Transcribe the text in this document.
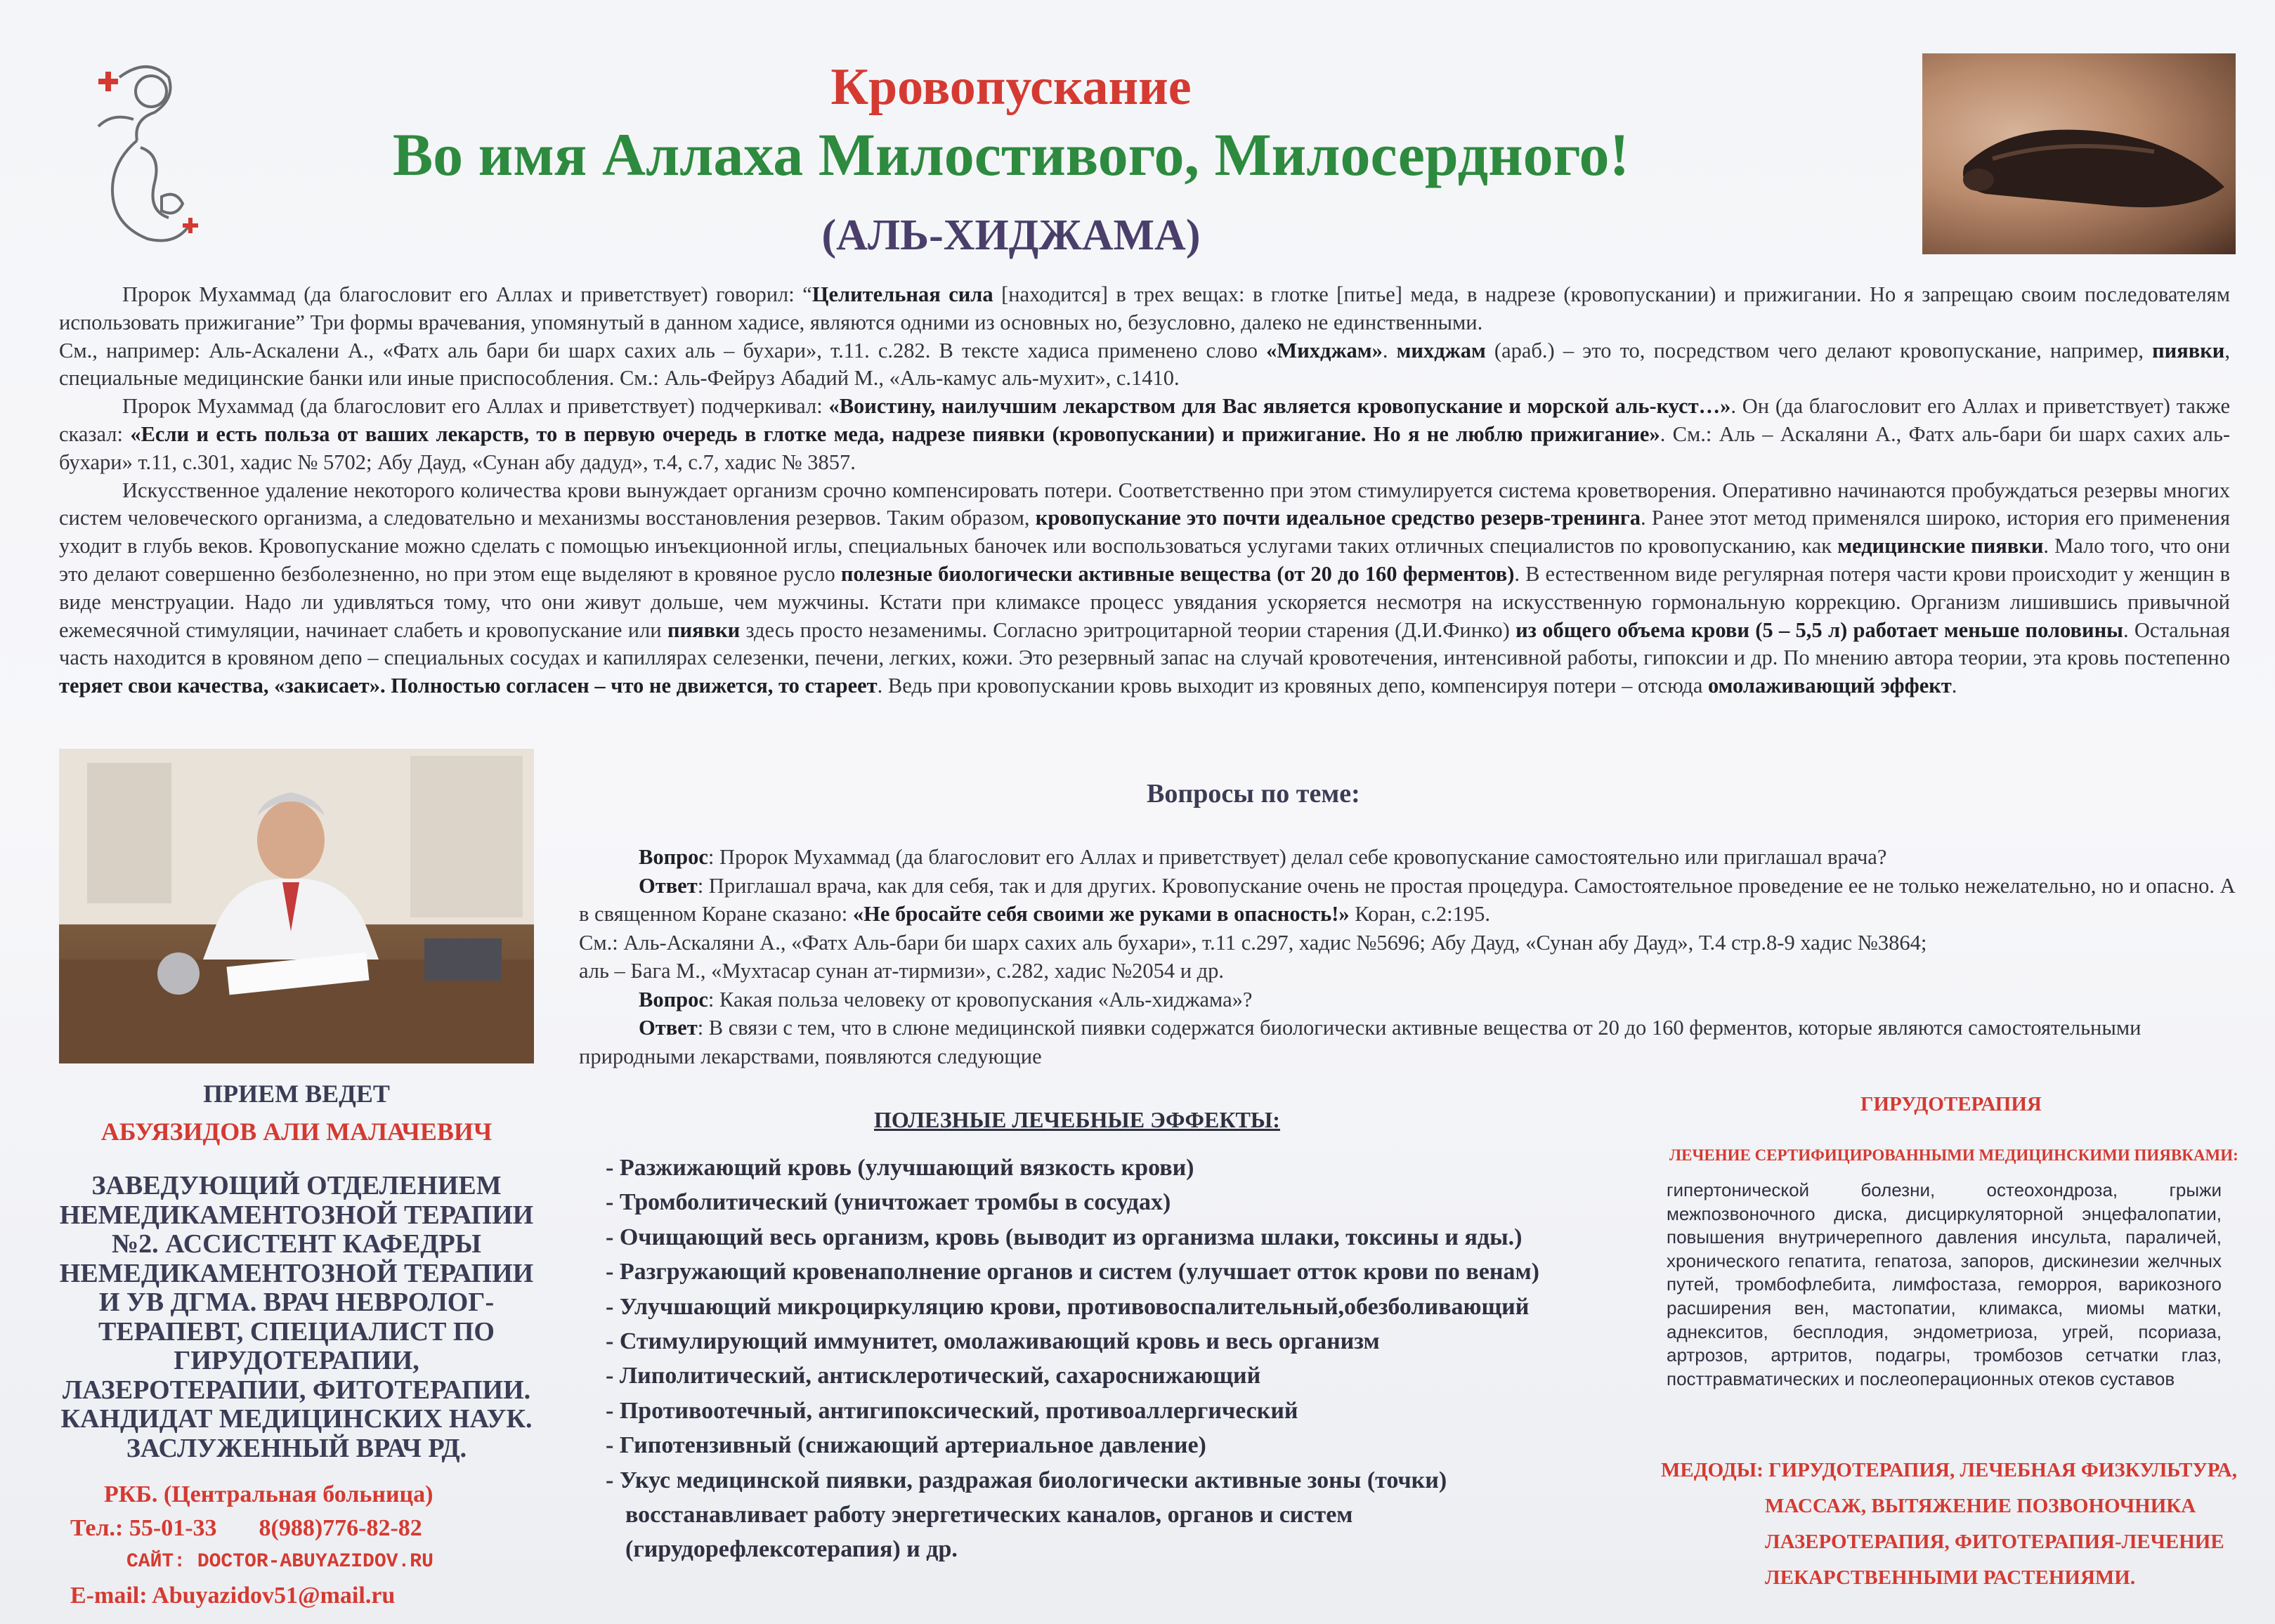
Кровопускание
Во имя Аллаха Милостивого, Милосердного!
(АЛЬ-ХИДЖАМА)

Пророк Мухаммад (да благословит его Аллах и приветствует) говорил: “Целительная сила [находится] в трех вещах: в глотке [питье] меда, в надрезе (кровопускании) и прижигании. Но я запрещаю своим последователям использовать прижигание” Три формы врачевания, упомянутый в данном хадисе, являются одними из основных но, безусловно, далеко не единственными.

См., например: Аль-Аскалени А., «Фатх аль бари би шарх сахих аль – бухари», т.11. с.282. В тексте хадиса применено слово «Михджам». миxджам (араб.) – это то, посредством чего делают кровопускание, например, пиявки, специальные медицинские банки или иные приспособления. См.: Аль-Фейруз Абадий М., «Аль-камус аль-мухит», с.1410.

Пророк Мухаммад (да благословит его Аллах и приветствует) подчеркивал: «Воистину, наилучшим лекарством для Вас является кровопускание и морской аль-куст…». Он (да благословит его Аллах и приветствует) также сказал: «Если и есть польза от ваших лекарств, то в первую очередь в глотке меда, надрезе пиявки (кровопускании) и прижигание. Но я не люблю прижигание». См.: Аль – Аскаляни А., Фатх аль-бари би шарх сахих аль-бухари» т.11, с.301, хадис № 5702; Абу Дауд, «Сунан абу дадуд», т.4, с.7, хадис № 3857.

Искусственное удаление некоторого количества крови вынуждает организм срочно компенсировать потери. Соответственно при этом стимулируется система кроветворения. Оперативно начинаются пробуждаться резервы многих систем человеческого организма, а следовательно и механизмы восстановления резервов. Таким образом, кровопускание это почти идеальное средство резерв-тренинга. Ранее этот метод применялся широко, история его применения уходит в глубь веков. Кровопускание можно сделать с помощью инъекционной иглы, специальных баночек или воспользоваться услугами таких отличных специалистов по кровопусканию, как медицинские пиявки. Мало того, что они это делают совершенно безболезненно, но при этом еще выделяют в кровяное русло полезные биологически активные вещества (от 20 до 160 ферментов). В естественном виде регулярная потеря части крови происходит у женщин в виде менструации. Надо ли удивляться тому, что они живут дольше, чем мужчины. Кстати при климаксе процесс увядания ускоряется несмотря на искусственную гормональную коррекцию. Организм лишившись привычной ежемесячной стимуляции, начинает слабеть и кровопускание или пиявки здесь просто незаменимы. Согласно эритроцитарной теории старения (Д.И.Финко) из общего объема крови (5 – 5,5 л) работает меньше половины. Остальная часть находится в кровяном депо – специальных сосудах и капиллярах селезенки, печени, легких, кожи. Это резервный запас на случай кровотечения, интенсивной работы, гипоксии и др. По мнению автора теории, эта кровь постепенно теряет свои качества, «закисает». Полностью согласен – что не движется, то стареет. Ведь при кровопускании кровь выходит из кровяных депо, компенсируя потери – отсюда омолаживающий эффект.

ПРИЕМ ВЕДЕТ
АБУЯЗИДОВ АЛИ МАЛАЧЕВИЧ
ЗАВЕДУЮЩИЙ ОТДЕЛЕНИЕМ НЕМЕДИКАМЕНТОЗНОЙ ТЕРАПИИ №2. АССИСТЕНТ КАФЕДРЫ НЕМЕДИКАМЕНТОЗНОЙ ТЕРАПИИ И УВ ДГМА. ВРАЧ НЕВРОЛОГ-ТЕРАПЕВТ, СПЕЦИАЛИСТ ПО ГИРУДОТЕРАПИИ, ЛАЗЕРОТЕРАПИИ, ФИТОТЕРАПИИ. КАНДИДАТ МЕДИЦИНСКИХ НАУК.
ЗАСЛУЖЕННЫЙ ВРАЧ РД.
РКБ. (Центральная больница)
Тел.: 55-01-33 8(988)776-82-82
САЙТ: DOCTOR-ABUYAZIDOV.RU
E-mail: Abuyazidov51@mail.ru
Вопросы по теме:

Вопрос: Пророк Мухаммад (да благословит его Аллах и приветствует) делал себе кровопускание самостоятельно или приглашал врача?

Ответ: Приглашал врача, как для себя, так и для других. Кровопускание очень не простая процедура. Самостоятельное проведение ее не только нежелательно, но и опасно. А в священном Коране сказано: «Не бросайте себя своими же руками в опасность!» Коран, с.2:195.

См.: Аль-Аскаляни А., «Фатх Аль-бари би шарх сахих аль бухари», т.11 с.297, хадис №5696; Абу Дауд, «Сунан абу Дауд», Т.4 стр.8-9 хадис №3864;

аль – Бага М., «Мухтасар сунан ат-тирмизи», с.282, хадис №2054 и др.

Вопрос: Какая польза человеку от кровопускания «Аль-хиджама»?

Ответ: В связи с тем, что в слюне медицинской пиявки содержатся биологически активные вещества от 20 до 160 ферментов, которые являются самостоятельными природными лекарствами, появляются следующие

ПОЛЕЗНЫЕ ЛЕЧЕБНЫЕ ЭФФЕКТЫ:
- Разжижающий кровь (улучшающий вязкость крови)
- Тромболитический (уничтожает тромбы в сосудах)
- Очищающий весь организм, кровь (выводит из организма шлаки, токсины и яды.)
- Разгружающий кровенаполнение органов и систем (улучшает отток крови по венам)
- Улучшающий микроциркуляцию крови, противовоспалительный,обезболивающий
- Стимулирующий иммунитет, омолаживающий кровь и весь организм
- Липолитический, антисклеротический, сахароснижающий
- Противоотечный, антигипоксический, противоаллергический
- Гипотензивный (снижающий артериальное давление)
- Укус медицинской пиявки, раздражая биологически активные зоны (точки) восстанавливает работу энергетических каналов, органов и систем (гирудорефлексотерапия) и др.
ГИРУДОТЕРАПИЯ
ЛЕЧЕНИЕ СЕРТИФИЦИРОВАННЫМИ МЕДИЦИНСКИМИ ПИЯВКАМИ:
гипертонической болезни, остеохондроза, грыжи межпозвоночного диска, дисциркуляторной энцефалопатии, повышения внутричерепного давления инсульта, параличей, хронического гепатита, гепатоза, запоров, дискинезии желчных путей, тромбофлебита, лимфостаза, геморроя, варикозного расширения вен, мастопатии, климакса, миомы матки, аднекситов, бесплодия, эндометриоза, угрей, псориаза, артрозов, артритов, подагры, тромбозов сетчатки глаз, посттравматических и послеоперационных отеков суставов
МЕДОДЫ: ГИРУДОТЕРАПИЯ, ЛЕЧЕБНАЯ ФИЗКУЛЬТУРА,
МАССАЖ, ВЫТЯЖЕНИЕ ПОЗВОНОЧНИКА
ЛАЗЕРОТЕРАПИЯ, ФИТОТЕРАПИЯ-ЛЕЧЕНИЕ
ЛЕКАРСТВЕННЫМИ РАСТЕНИЯМИ.
